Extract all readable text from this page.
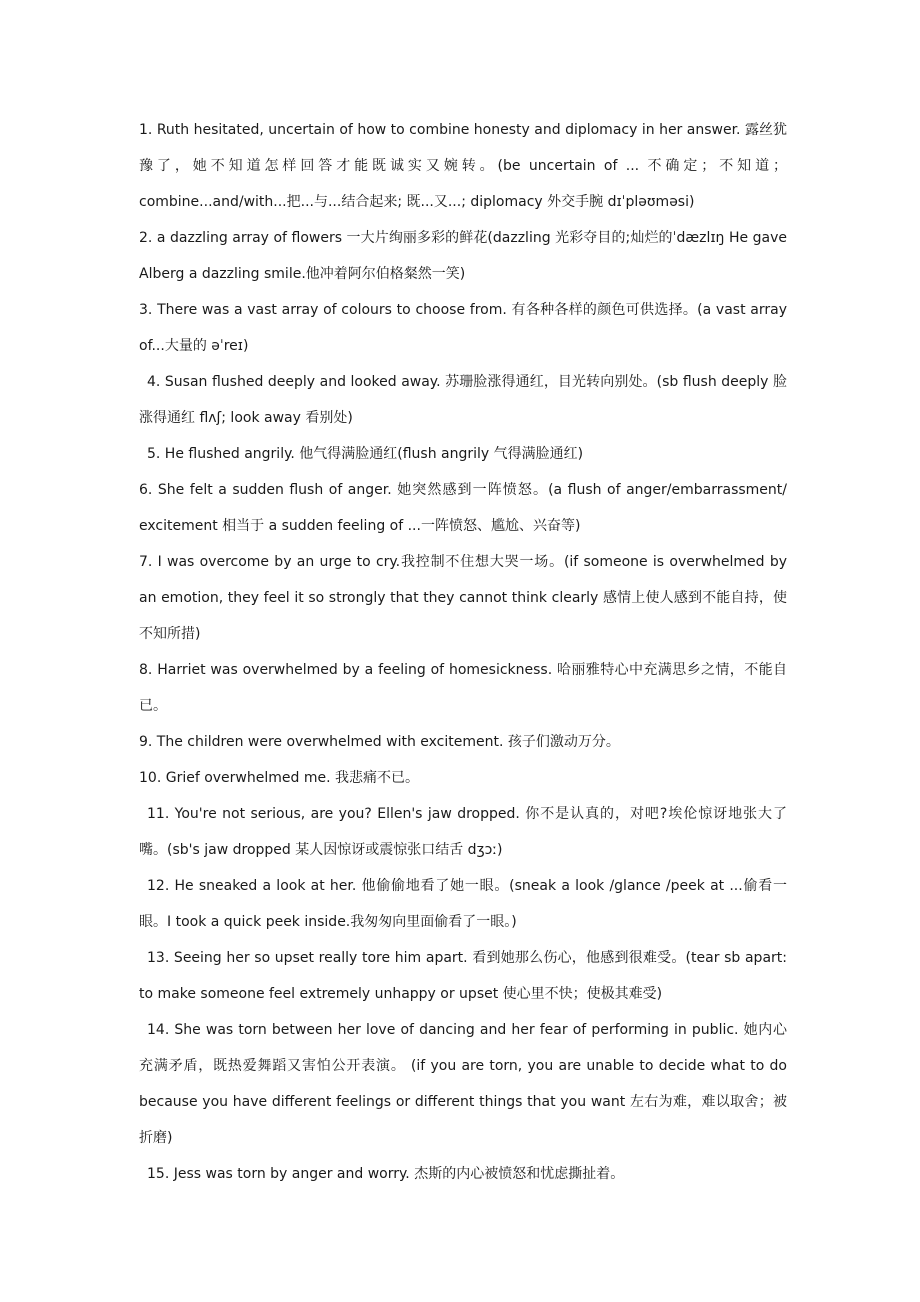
1. Ruth hesitated, uncertain of how to combine honesty and diplomacy in her answer. 露丝犹豫了，她不知道怎样回答才能既诚实又婉转。(be uncertain of ... 不确定；不知道；combine...and/with...把...与...结合起来; 既...又...; diplomacy 外交手腕 dɪˈpləʊməsi)

2. a dazzling array of flowers 一大片绚丽多彩的鲜花(dazzling 光彩夺目的;灿烂的ˈdæzlɪŋ He gave Alberg a dazzling smile.他冲着阿尔伯格粲然一笑)

3. There was a vast array of colours to choose from. 有各种各样的颜色可供选择。(a vast array of...大量的 əˈreɪ)

4. Susan flushed deeply and looked away. 苏珊脸涨得通红，目光转向别处。(sb flush deeply 脸涨得通红 flʌʃ; look away 看别处)

5. He flushed angrily. 他气得满脸通红(flush angrily 气得满脸通红)

6. She felt a sudden flush of anger. 她突然感到一阵愤怒。(a flush of anger/embarrassment/ excitement 相当于 a sudden feeling of ...一阵愤怒、尴尬、兴奋等)

7. I was overcome by an urge to cry.我控制不住想大哭一场。(if someone is overwhelmed by an emotion, they feel it so strongly that they cannot think clearly 感情上使人感到不能自持，使不知所措)

8. Harriet was overwhelmed by a feeling of homesickness. 哈丽雅特心中充满思乡之情，不能自已。

9. The children were overwhelmed with excitement. 孩子们激动万分。

10. Grief overwhelmed me. 我悲痛不已。

11. You're not serious, are you? Ellen's jaw dropped. 你不是认真的，对吧?埃伦惊讶地张大了嘴。(sb's jaw dropped 某人因惊讶或震惊张口结舌 dʒɔː)

12. He sneaked a look at her. 他偷偷地看了她一眼。(sneak a look /glance /peek at ...偷看一眼。I took a quick peek inside.我匆匆向里面偷看了一眼。)

13. Seeing her so upset really tore him apart. 看到她那么伤心，他感到很难受。(tear sb apart: to make someone feel extremely unhappy or upset 使心里不快；使极其难受)

14. She was torn between her love of dancing and her fear of performing in public. 她内心充满矛盾，既热爱舞蹈又害怕公开表演。 (if you are torn, you are unable to decide what to do because you have different feelings or different things that you want 左右为难，难以取舍；被折磨)

15. Jess was torn by anger and worry. 杰斯的内心被愤怒和忧虑撕扯着。
